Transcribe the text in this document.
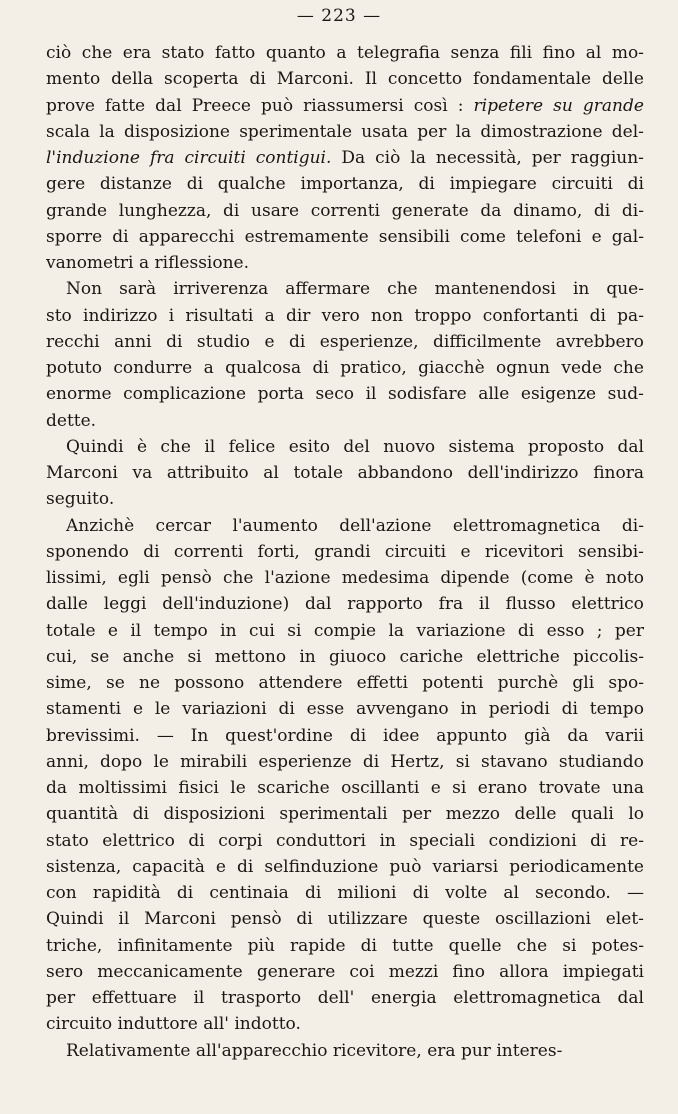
— 223 —
ciò che era stato fatto quanto a telegrafia senza fili fino al mo-
mento della scoperta di Marconi. Il concetto fondamentale delle
prove fatte dal Preece può riassumersi così : ripetere su grande
scala la disposizione sperimentale usata per la dimostrazione del-
l'induzione fra circuiti contigui. Da ciò la necessità, per raggiun-
gere distanze di qualche importanza, di impiegare circuiti di
grande lunghezza, di usare correnti generate da dinamo, di di-
sporre di apparecchi estremamente sensibili come telefoni e gal-
vanometri a riflessione.
Non sarà irriverenza affermare che mantenendosi in que-
sto indirizzo i risultati a dir vero non troppo confortanti di pa-
recchi anni di studio e di esperienze, difficilmente avrebbero
potuto condurre a qualcosa di pratico, giacchè ognun vede che
enorme complicazione porta seco il sodisfare alle esigenze sud-
dette.
Quindi è che il felice esito del nuovo sistema proposto dal
Marconi va attribuito al totale abbandono dell'indirizzo finora
seguito.
Anzichè cercar l'aumento dell'azione elettromagnetica di-
sponendo di correnti forti, grandi circuiti e ricevitori sensibi-
lissimi, egli pensò che l'azione medesima dipende (come è noto
dalle leggi dell'induzione) dal rapporto fra il flusso elettrico
totale e il tempo in cui si compie la variazione di esso ; per
cui, se anche si mettono in giuoco cariche elettriche piccolis-
sime, se ne possono attendere effetti potenti purchè gli spo-
stamenti e le variazioni di esse avvengano in periodi di tempo
brevissimi. — In quest'ordine di idee appunto già da varii
anni, dopo le mirabili esperienze di Hertz, si stavano studiando
da moltissimi fisici le scariche oscillanti e si erano trovate una
quantità di disposizioni sperimentali per mezzo delle quali lo
stato elettrico di corpi conduttori in speciali condizioni di re-
sistenza, capacità e di selfinduzione può variarsi periodicamente
con rapidità di centinaia di milioni di volte al secondo. —
Quindi il Marconi pensò di utilizzare queste oscillazioni elet-
triche, infinitamente più rapide di tutte quelle che si potes-
sero meccanicamente generare coi mezzi fino allora impiegati
per effettuare il trasporto dell' energia elettromagnetica dal
circuito induttore all' indotto.
Relativamente all'apparecchio ricevitore, era pur interes-
